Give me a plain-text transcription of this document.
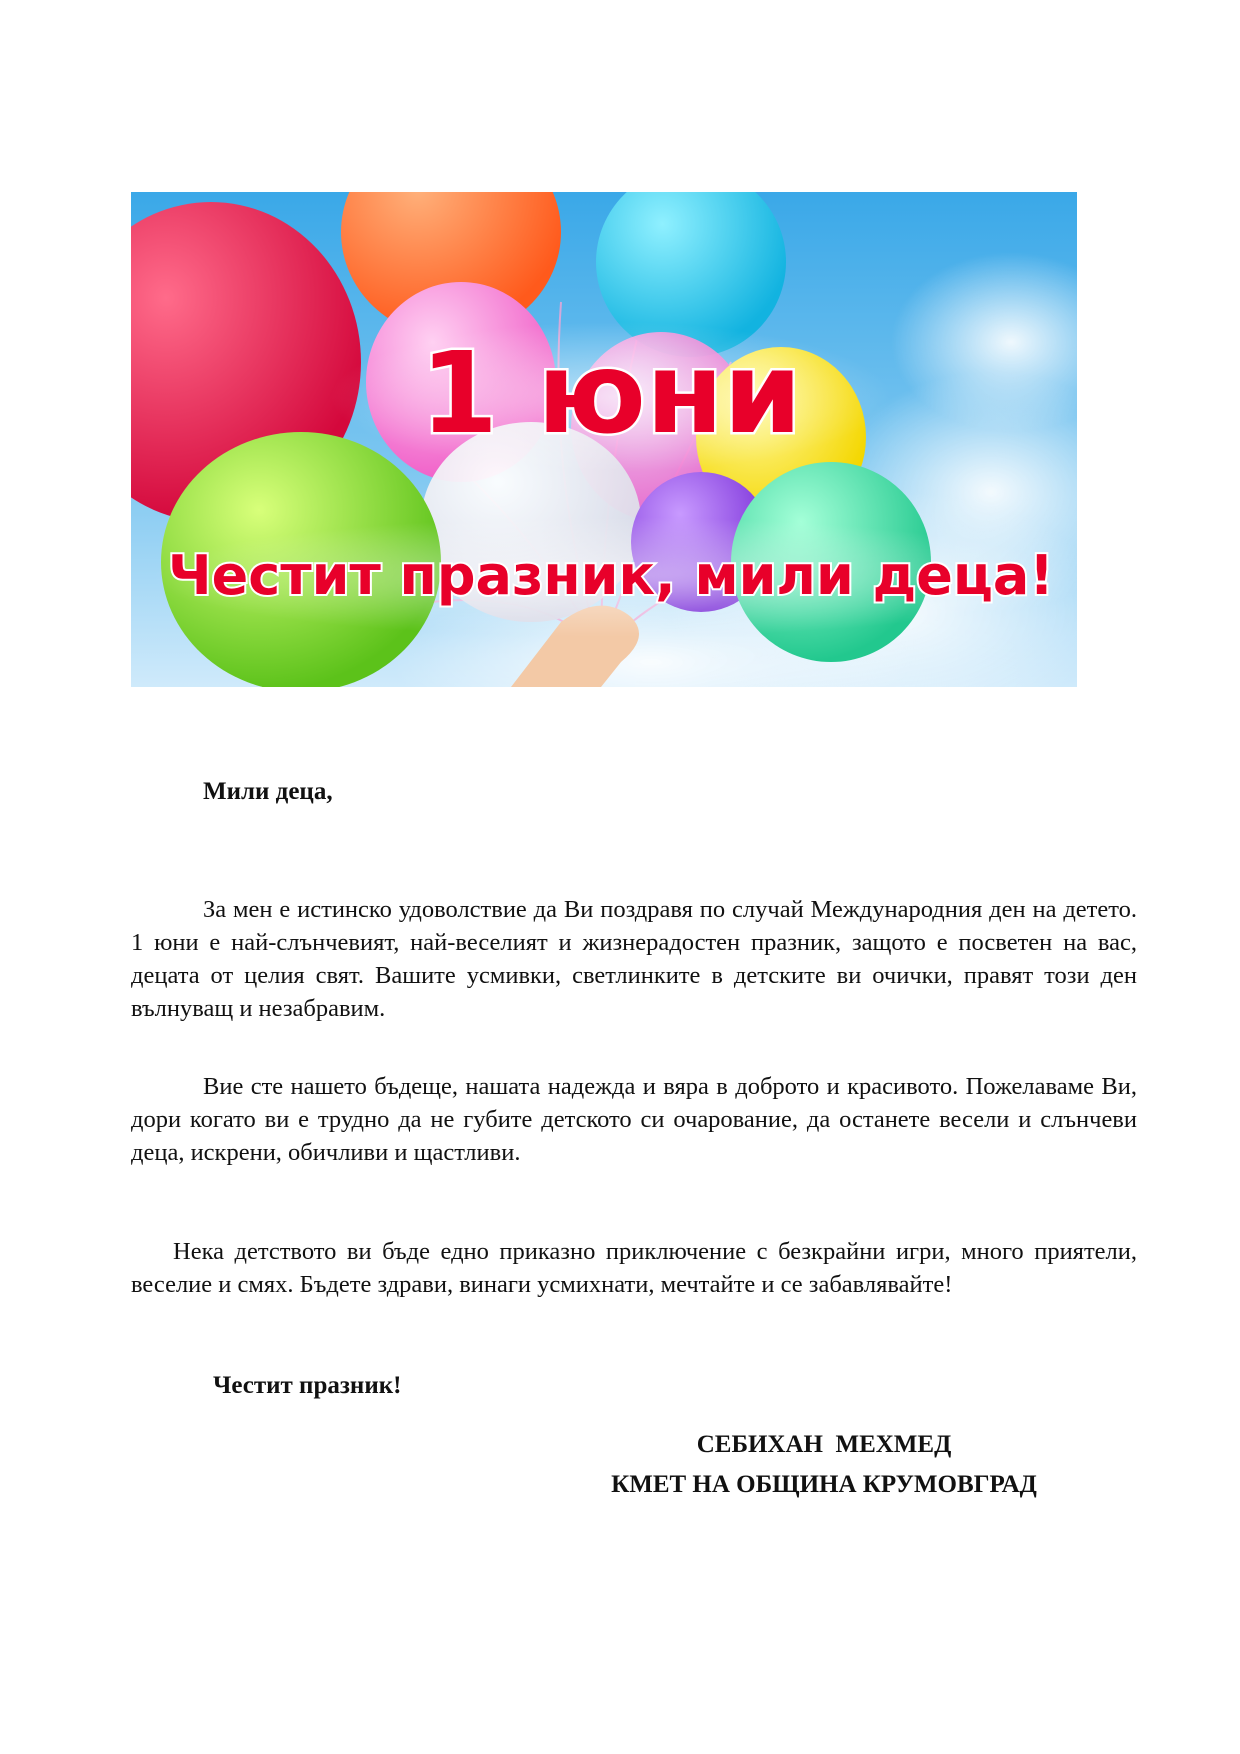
1 юни
Честит празник, мили деца!
Мили деца,

За мен е истинско удоволствие да Ви поздравя по случай Международния ден на детето. 1 юни е най-слънчевият, най-веселият и жизнерадостен празник, защото е посветен на вас, децата от целия свят. Вашите усмивки, светлинките в детските ви очички, правят този ден вълнуващ и незабравим.

Вие сте нашето бъдеще, нашата надежда и вяра в доброто и красивото. Пожелаваме Ви, дори когато ви е трудно да не губите детското си очарование, да останете весели и слънчеви деца, искрени, обичливи и щастливи.

Нека детството ви бъде едно приказно приключение с безкрайни игри, много приятели, веселие и смях. Бъдете здрави, винаги усмихнати, мечтайте и се забавлявайте!

Честит празник!
СЕБИХАН  МЕХМЕД
КМЕТ НА ОБЩИНА КРУМОВГРАД
